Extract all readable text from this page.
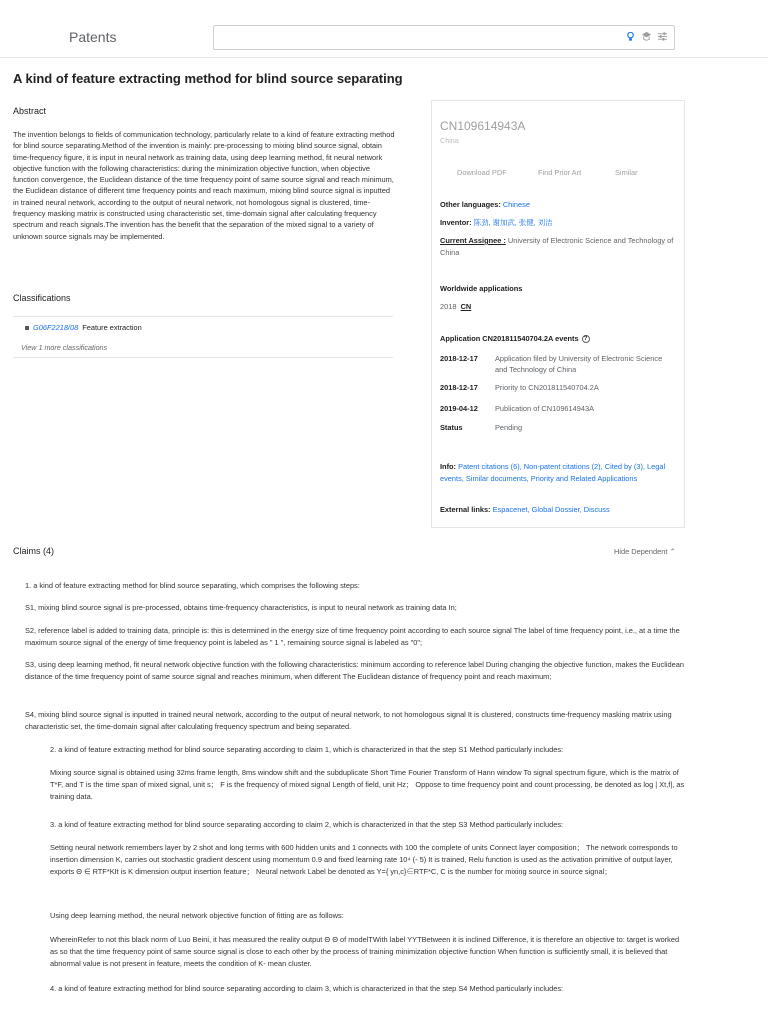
Patents
A kind of feature extracting method for blind source separating
Abstract
The invention belongs to fields of communication technology, particularly relate to a kind of feature extracting method for blind source separating.Method of the invention is mainly: pre-processing to mixing blind source signal, obtain time-frequency figure, it is input in neural network as training data, using deep learning method, fit neural network objective function with the following characteristics: during the minimization objective function, when objective function convergence, the Euclidean distance of the time frequency point of same source signal and reach minimum, the Euclidean distance of different time frequency points and reach maximum, mixing blind source signal is inputted in trained neural network, according to the output of neural network, not homologous signal is clustered, time-frequency masking matrix is constructed using characteristic set, time-domain signal after calculating frequency spectrum and reach signals.The invention has the benefit that the separation of the mixed signal to a variety of unknown source signals may be implemented.
Classifications
G06F2218/08 Feature extraction
View 1 more classifications
CN109614943A
China
Download PDF	Find Prior Art	Similar
Other languages: Chinese
Inventor: 陈劲, 谢加武, 张健, 刘洁
Current Assignee : University of Electronic Science and Technology of China
Worldwide applications
2018 CN
Application CN201811540704.2A events ?
2018-12-17 Application filed by University of Electronic Science and Technology of China
2018-12-17 Priority to CN201811540704.2A
2019-04-12 Publication of CN109614943A
Status	Pending
Info: Patent citations (6), Non-patent citations (2), Cited by (3), Legal events, Similar documents, Priority and Related Applications
External links: Espacenet, Global Dossier, Discuss
Claims (4)	Hide Dependent ⌃
1. a kind of feature extracting method for blind source separating, which comprises the following steps:
S1, mixing blind source signal is pre-processed, obtains time-frequency characteristics, is input to neural network as training data In;
S2, reference label is added to training data, principle is: this is determined in the energy size of time frequency point according to each source signal The label of time frequency point, i.e., at a time the maximum source signal of the energy of time frequency point is labeled as " 1 ", remaining source signal is labeled as "0";
S3, using deep learning method, fit neural network objective function with the following characteristics: minimum according to reference label During changing the objective function, makes the Euclidean distance of the time frequency point of same source signal and reaches minimum, when different The Euclidean distance of frequency point and reach maximum;
S4, mixing blind source signal is inputted in trained neural network, according to the output of neural network, to not homologous signal It is clustered, constructs time-frequency masking matrix using characteristic set, the time-domain signal after calculating frequency spectrum and being separated.
2. a kind of feature extracting method for blind source separating according to claim 1, which is characterized in that the step S1 Method particularly includes:
Mixing source signal is obtained using 32ms frame length, 8ms window shift and the subduplicate Short Time Fourier Transform of Hann window To signal spectrum figure, which is the matrix of T*F, and T is the time span of mixed signal, unit s； F is the frequency of mixed signal Length of field, unit Hz； Oppose to time frequency point and count processing, be denoted as log | Xt,f|, as training data.
3. a kind of feature extracting method for blind source separating according to claim 2, which is characterized in that the step S3 Method particularly includes:
Setting neural network remembers layer by 2 shot and long terms with 600 hidden units and 1 connects with 100 the complete of units Connect layer composition； The network corresponds to insertion dimension K, carries out stochastic gradient descent using momentum 0.9 and fixed learning rate 10⁴ (- 5) It is trained, Relu function is used as the activation primitive of output layer, exports Θ ∈ RTF*KIt is K dimension output insertion feature； Neural network Label be denoted as Y={ yn,c}∈RTF*C, C is the number for mixing source in source signal；
Using deep learning method, the neural network objective function of fitting are as follows:
WhereinRefer to not this black norm of Luo Beini, it has measured the reality output Θ Θ of modelTWith label YYTBetween it is inclined Difference, it is therefore an objective to: target is worked as so that the time frequency point of same source signal is close to each other by the process of training minimization objective function When function is sufficiently small, it is believed that abnormal value is not present in feature, meets the condition of K- mean cluster.
4. a kind of feature extracting method for blind source separating according to claim 3, which is characterized in that the step S4 Method particularly includes:
